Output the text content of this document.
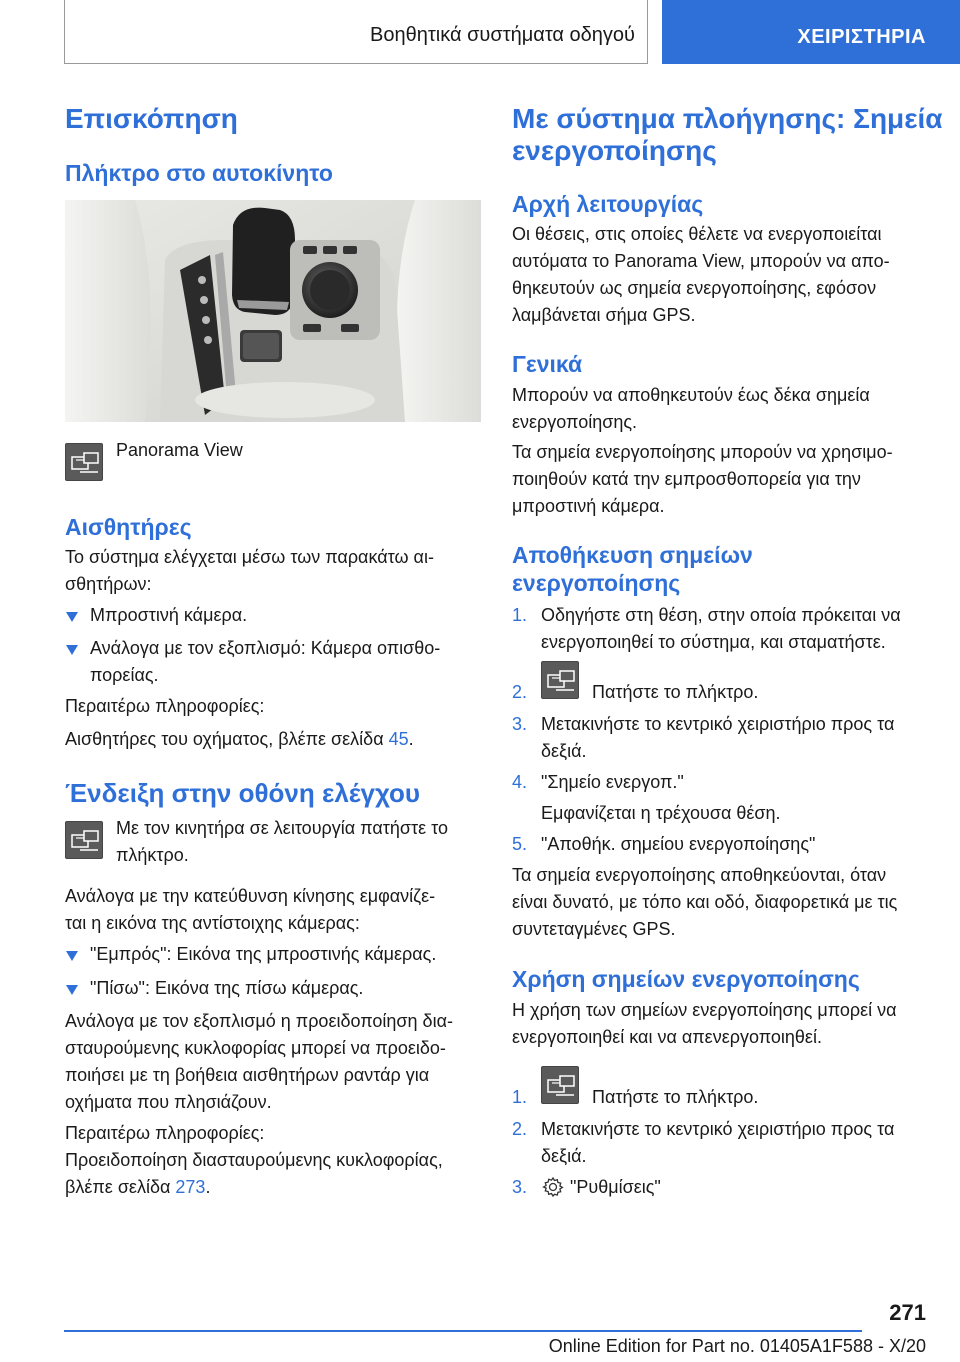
Βοηθητικά συστήματα οδηγού	ΧΕΙΡΙΣΤΗΡΙΑ
Επισκόπηση
Πλήκτρο στο αυτοκίνητο

Panorama View

Αισθητήρες

Το σύστημα ελέγχεται μέσω των παρακάτω αι-

σθητήρων:

Μπροστινή κάμερα.

Ανάλογα με τον εξοπλισμό: Κάμερα οπισθο-

πορείας.

Περαιτέρω πληροφορίες:

Αισθητήρες του οχήματος, βλέπε σελίδα 45.

Ένδειξη στην οθόνη ελέγχου

Με τον κινητήρα σε λειτουργία πατήστε το

πλήκτρο.

Ανάλογα με την κατεύθυνση κίνησης εμφανίζε-

ται η εικόνα της αντίστοιχης κάμερας:

"Εμπρός": Εικόνα της μπροστινής κάμερας.

"Πίσω": Εικόνα της πίσω κάμερας.

Ανάλογα με τον εξοπλισμό η προειδοποίηση δια-

σταυρούμενης κυκλοφορίας μπορεί να προειδο-

ποιήσει με τη βοήθεια αισθητήρων ραντάρ για

οχήματα που πλησιάζουν.

Περαιτέρω πληροφορίες:

Προειδοποίηση διασταυρούμενης κυκλοφορίας,

βλέπε σελίδα 273.

Με σύστημα πλοήγησης: Σημεία
ενεργοποίησης
Αρχή λειτουργίας

Οι θέσεις, στις οποίες θέλετε να ενεργοποιείται

αυτόματα το Panorama View, μπορούν να απο-

θηκευτούν ως σημεία ενεργοποίησης, εφόσον

λαμβάνεται σήμα GPS.

Γενικά

Μπορούν να αποθηκευτούν έως δέκα σημεία

ενεργοποίησης.

Τα σημεία ενεργοποίησης μπορούν να χρησιμο-

ποιηθούν κατά την εμπροσθοπορεία για την

μπροστινή κάμερα.

Αποθήκευση σημείων
ενεργοποίησης
1. Οδηγήστε στη θέση, στην οποία πρόκειται να

ενεργοποιηθεί το σύστημα, και σταματήστε.

2.	Πατήστε το πλήκτρο.

3. Μετακινήστε το κεντρικό χειριστήριο προς τα

δεξιά.

4. "Σημείο ενεργοπ."

Εμφανίζεται η τρέχουσα θέση.

5. "Αποθήκ. σημείου ενεργοποίησης"

Τα σημεία ενεργοποίησης αποθηκεύονται, όταν

είναι δυνατό, με τόπο και οδό, διαφορετικά με τις

συντεταγμένες GPS.

Χρήση σημείων ενεργοποίησης

Η χρήση των σημείων ενεργοποίησης μπορεί να

ενεργοποιηθεί και να απενεργοποιηθεί.

1.	Πατήστε το πλήκτρο.

2. Μετακινήστε το κεντρικό χειριστήριο προς τα

δεξιά.

3. "Ρυθμίσεις"

271
Online Edition for Part no. 01405A1F588 - X/20
